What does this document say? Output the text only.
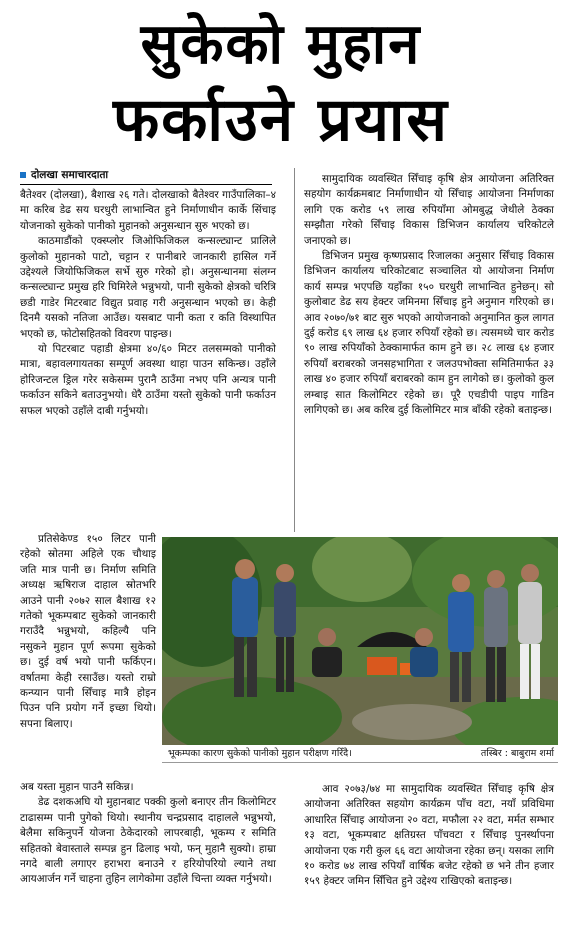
सुकेको मुहान
फर्काउने प्रयास
दोलखा समाचारदाता

बैतेश्वर (दोलखा), बैशाख २६ गते। दोलखाको बैतेश्वर गाउँपालिका–४ मा करिब डेढ सय घरधुरी लाभान्वित हुने निर्माणाधीन कार्के सिंचाइ योजनाको सुकेको पानीको मुहानको अनुसन्धान सुरु भएको छ।

काठमाडौंको एक्स्प्लोर जिओफिजिकल कन्सल्ट्यान्ट प्रालिले कुलोको मुहानको पाटो, चट्टान र पानीबारे जानकारी हासिल गर्ने उद्देश्यले जियोफिजिकल सर्भे सुरु गरेको हो। अनुसन्धानमा संलग्न कन्सल्ट्यान्ट प्रमुख हरि घिमिरेले भन्नुभयो, पानी सुकेको क्षेत्रको चरित्रि छडी गाडेर मिटरबाट विद्युत प्रवाह गरी अनुसन्धान भएको छ। केही दिनमै यसको नतिजा आउँछ। यसबाट पानी कता र कति विस्थापित भएको छ, फोटोसहितको विवरण पाइन्छ।

यो पिटरबाट पहाडी क्षेत्रमा ४०/६० मिटर तलसम्मको पानीको मात्रा, बहावलगायतका सम्पूर्ण अवस्था थाहा पाउन सकिन्छ। उहाँले होरिजन्टल ड्रिल गरेर सकेसम्म पुरानै ठाउँमा नभए पनि अन्यत्र पानी फर्काउन सकिने बताउनुभयो। धेरै ठाउँमा यस्तो सुकेको पानी फर्काउन सफल भएको उहाँले दाबी गर्नुभयो।

प्रतिसेकेण्ड १५० लिटर पानी रहेको स्रोतमा अहिले एक चौथाइ जति मात्र पानी छ। निर्माण समिति अध्यक्ष ऋषिराज दाहाल स्रोतभरि आउने पानी २०७२ साल बैशाख १२ गतेको भूकम्पबाट सुकेको जानकारी गराउँदै भन्नुभयो, कहिल्यै पनि नसुकने मुहान पूर्ण रूपमा सुकेको छ। दुई वर्ष भयो पानी फर्किएन। वर्षातमा केही रसाउँछ। यस्तो राम्रो कन्प्यान पानी सिँचाइ मात्रै होइन पिउन पनि प्रयोग गर्ने इच्छा थियो। सपना बिलाए।

अब यस्ता मुहान पाउनै सकिन्न।

डेढ दशकअघि यो मुहानबाट पक्की कुलो बनाएर तीन किलोमिटर टाढासम्म पानी पुगेको थियो। स्थानीय चन्द्रप्रसाद दाहालले भन्नुभयो, बेलैमा सकिनुपर्ने योजना ठेकेदारको लापरबाही, भूकम्प र समिति सहितको बेवास्ताले सम्पन्न हुन ढिलाइ भयो, फन् मुहानै सुक्यो। हाम्रा नगदे बाली लगाएर हराभरा बनाउने र हरियोपरियो ल्याने तथा आयआर्जन गर्ने चाहना तुहिन लागेकोमा उहाँले चिन्ता व्यक्त गर्नुभयो।

सामुदायिक व्यवस्थित सिँचाइ कृषि क्षेत्र आयोजना अतिरिक्त सहयोग कार्यक्रमबाट निर्माणाधीन यो सिँचाइ आयोजना निर्माणका लागि एक करोड ५९ लाख रुपियाँमा ओमबुद्ध जेथीले ठेक्का सम्झौता गरेको सिँचाइ विकास डिभिजन कार्यालय चरिकोटले जनाएको छ।

डिभिजन प्रमुख कृष्णप्रसाद रिजालका अनुसार सिँचाइ विकास डिभिजन कार्यालय चरिकोटबाट सञ्चालित यो आयोजना निर्माण कार्य सम्पन्न भएपछि यहाँका १५० घरधुरी लाभान्वित हुनेछन्। सो कुलोबाट डेढ सय हेक्टर जमिनमा सिँचाइ हुने अनुमान गरिएको छ। आव २०७०/७१ बाट सुरु भएको आयोजनाको अनुमानित कुल लागत दुई करोड ६९ लाख ६४ हजार रुपियाँ रहेको छ। त्यसमध्ये चार करोड ९० लाख रुपियाँको ठेक्कामार्फत काम हुने छ। २८ लाख ६४ हजार रुपियाँ बराबरको जनसहभागिता र जलउपभोक्ता समितिमार्फत ३३ लाख ४० हजार रुपियाँ बराबरको काम हुन लागेको छ। कुलोको कुल लम्बाइ सात किलोमिटर रहेको छ। पूरै एचडीपी पाइप गाडिन लागिएको छ। अब करिब दुई किलोमिटर मात्र बाँकी रहेको बताइन्छ।

भूकम्पका कारण सुकेको पानीको मुहान परीक्षण गरिँदै।	तस्बिर : बाबुराम शर्मा

आव २०७३/७४ मा सामुदायिक व्यवस्थित सिँचाइ कृषि क्षेत्र आयोजना अतिरिक्त सहयोग कार्यक्रम पाँच वटा, नयाँ प्रविधिमा आधारित सिँचाइ आयोजना २० वटा, मफौला २२ वटा, मर्मत सम्भार १३ वटा, भूकम्पबाट क्षतिग्रस्त पाँचवटा र सिँचाइ पुनर्स्थापना आयोजना एक गरी कुल ६६ वटा आयोजना रहेका छन्। यसका लागि १० करोड ७४ लाख रुपियाँ वार्षिक बजेट रहेको छ भने तीन हजार १५९ हेक्टर जमिन सिँचित हुने उद्देश्य राखिएको बताइन्छ।
